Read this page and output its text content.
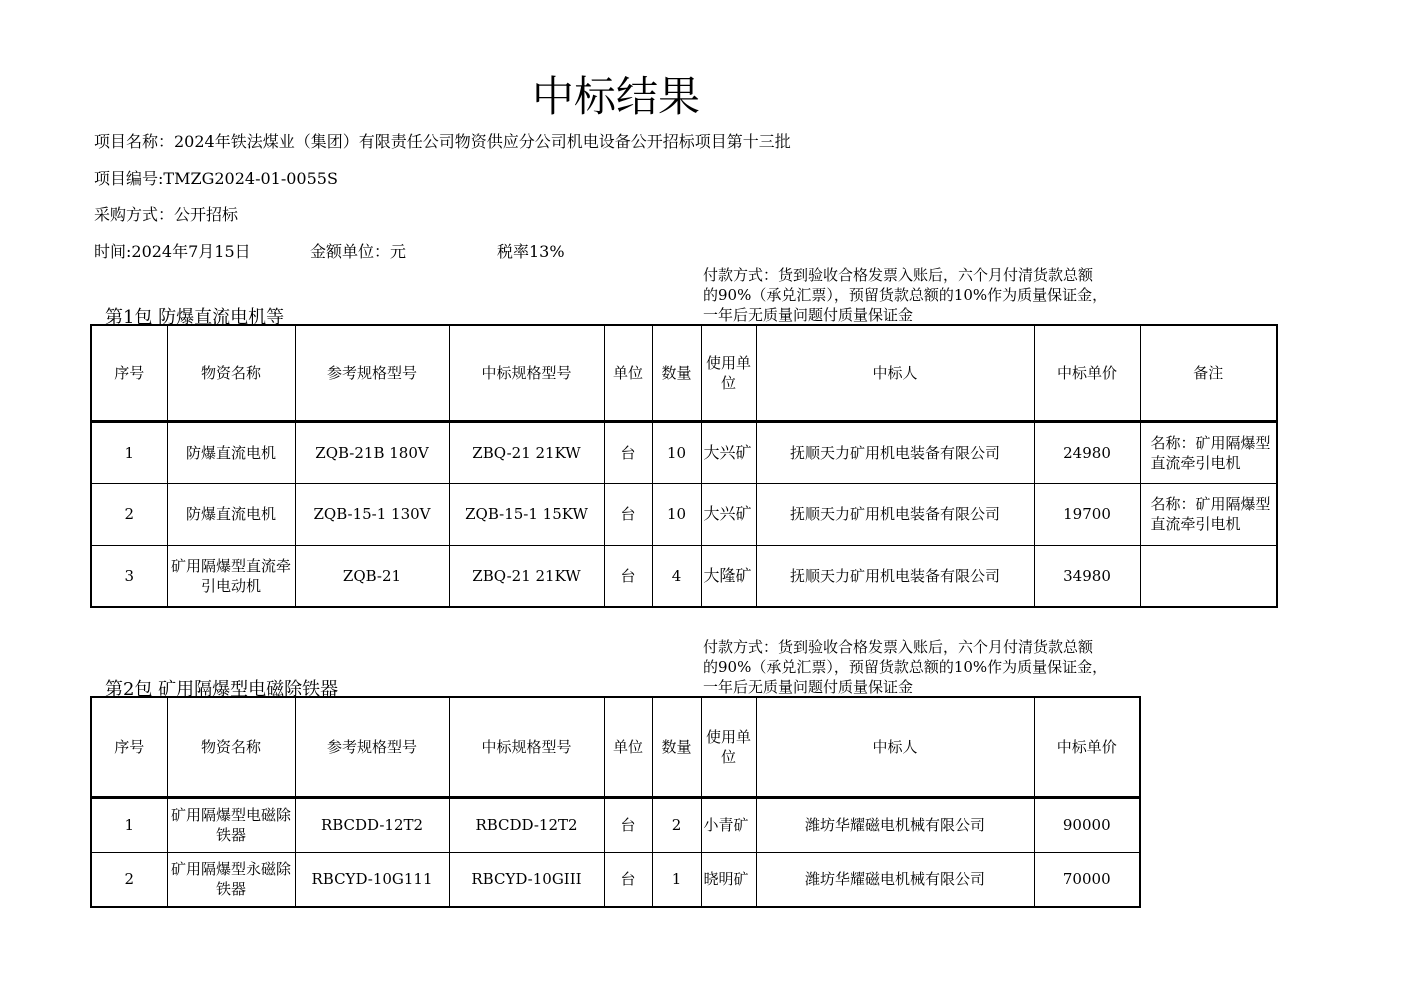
中标结果
项目名称：2024年铁法煤业（集团）有限责任公司物资供应分公司机电设备公开招标项目第十三批
项目编号:TMZG2024-01-0055S
采购方式：公开招标
时间:2024年7月15日	金额单位：元	税率13%
付款方式：货到验收合格发票入账后，六个月付清货款总额
的90%（承兑汇票），预留货款总额的10%作为质量保证金，
一年后无质量问题付质量保证金
第1包 防爆直流电机等
序号	物资名称	参考规格型号	中标规格型号	单位	数量	使用单位	中标人	中标单价	备注
1	防爆直流电机	ZQB-21B 180V	ZBQ-21 21KW	台	10	大兴矿	抚顺天力矿用机电装备有限公司	24980	名称：矿用隔爆型直流牵引电机
2	防爆直流电机	ZQB-15-1 130V	ZQB-15-1 15KW	台	10	大兴矿	抚顺天力矿用机电装备有限公司	19700	名称：矿用隔爆型直流牵引电机
3	矿用隔爆型直流牵引电动机	ZQB-21	ZBQ-21 21KW	台	4	大隆矿	抚顺天力矿用机电装备有限公司	34980	
付款方式：货到验收合格发票入账后，六个月付清货款总额
的90%（承兑汇票），预留货款总额的10%作为质量保证金，
一年后无质量问题付质量保证金
第2包 矿用隔爆型电磁除铁器
序号	物资名称	参考规格型号	中标规格型号	单位	数量	使用单位	中标人	中标单价
1	矿用隔爆型电磁除铁器	RBCDD-12T2	RBCDD-12T2	台	2	小青矿	潍坊华耀磁电机械有限公司	90000
2	矿用隔爆型永磁除铁器	RBCYD-10G111	RBCYD-10GIII	台	1	晓明矿	潍坊华耀磁电机械有限公司	70000
